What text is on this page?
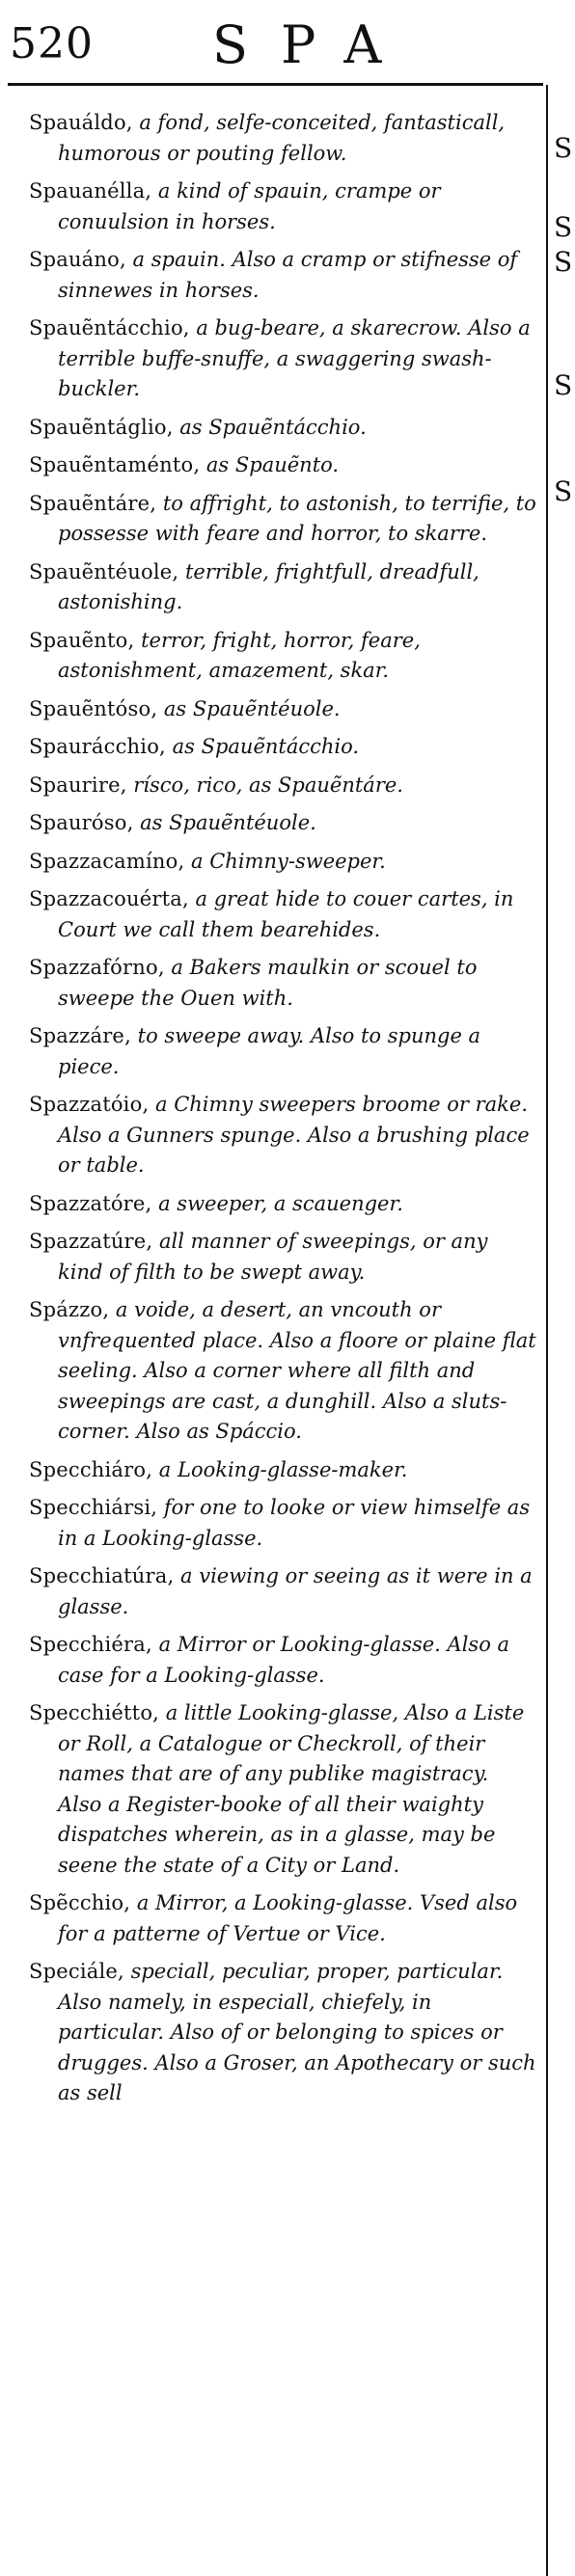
520 SPA
S
S
S
S
S

Spauáldo, a fond, selfe-conceited, fantasticall, humorous or pouting fellow.

Spauanélla, a kind of spauin, crampe or conuulsion in horses.

Spauáno, a spauin. Also a cramp or stifnesse of sinnewes in horses.

Spauẽntácchio, a bug-beare, a skarecrow. Also a terrible buffe-snuffe, a swaggering swash-buckler.

Spauẽntáglio, as Spauẽntácchio.

Spauẽntaménto, as Spauẽnto.

Spauẽntáre, to affright, to astonish, to terrifie, to possesse with feare and horror, to skarre.

Spauẽntéuole, terrible, frightfull, dreadfull, astonishing.

Spauẽnto, terror, fright, horror, feare, astonishment, amazement, skar.

Spauẽntóso, as Spauẽntéuole.

Spaurácchio, as Spauẽntácchio.

Spaurire, rísco, rico, as Spauẽntáre.

Spauróso, as Spauẽntéuole.

Spazzacamíno, a Chimny-sweeper.

Spazzacouérta, a great hide to couer cartes, in Court we call them bearehides.

Spazzafórno, a Bakers maulkin or scouel to sweepe the Ouen with.

Spazzáre, to sweepe away. Also to spunge a piece.

Spazzatóio, a Chimny sweepers broome or rake. Also a Gunners spunge. Also a brushing place or table.

Spazzatóre, a sweeper, a scauenger.

Spazzatúre, all manner of sweepings, or any kind of filth to be swept away.

Spázzo, a voide, a desert, an vncouth or vnfrequented place. Also a floore or plaine flat seeling. Also a corner where all filth and sweepings are cast, a dunghill. Also a sluts-corner. Also as Spáccio.

Specchiáro, a Looking-glasse-maker.

Specchiársi, for one to looke or view himselfe as in a Looking-glasse.

Specchiatúra, a viewing or seeing as it were in a glasse.

Specchiéra, a Mirror or Looking-glasse. Also a case for a Looking-glasse.

Specchiétto, a little Looking-glasse, Also a Liste or Roll, a Catalogue or Checkroll, of their names that are of any publike magistracy. Also a Register-booke of all their waighty dispatches wherein, as in a glasse, may be seene the state of a City or Land.

Spẽcchio, a Mirror, a Looking-glasse. Vsed also for a patterne of Vertue or Vice.

Speciále, speciall, peculiar, proper, particular. Also namely, in especiall, chiefely, in particular. Also of or belonging to spices or drugges. Also a Groser, an Apothecary or such as sell
